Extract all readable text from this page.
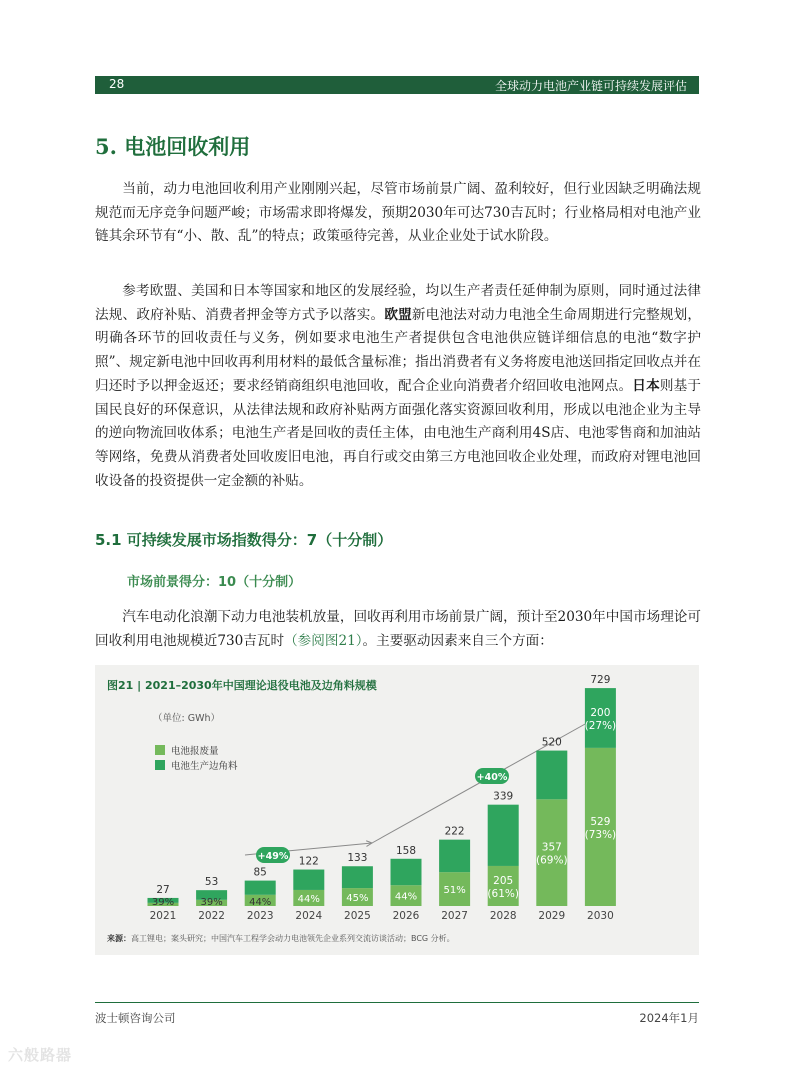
28	全球动力电池产业链可持续发展评估
5. 电池回收利用

当前，动力电池回收利用产业刚刚兴起，尽管市场前景广阔、盈利较好，但行业因缺乏明确法规规范而无序竞争问题严峻；市场需求即将爆发，预期2030年可达730吉瓦时；行业格局相对电池产业链其余环节有“小、散、乱”的特点；政策亟待完善，从业企业处于试水阶段。

参考欧盟、美国和日本等国家和地区的发展经验，均以生产者责任延伸制为原则，同时通过法律法规、政府补贴、消费者押金等方式予以落实。欧盟新电池法对动力电池全生命周期进行完整规划，明确各环节的回收责任与义务，例如要求电池生产者提供包含电池供应链详细信息的电池“数字护照”、规定新电池中回收再利用材料的最低含量标准；指出消费者有义务将废电池送回指定回收点并在归还时予以押金返还；要求经销商组织电池回收，配合企业向消费者介绍回收电池网点。日本则基于国民良好的环保意识，从法律法规和政府补贴两方面强化落实资源回收利用，形成以电池企业为主导的逆向物流回收体系；电池生产者是回收的责任主体，由电池生产商利用4S店、电池零售商和加油站等网络，免费从消费者处回收废旧电池，再自行或交由第三方电池回收企业处理，而政府对锂电池回收设备的投资提供一定金额的补贴。

5.1 可持续发展市场指数得分：7（十分制）
市场前景得分：10（十分制）

汽车电动化浪潮下动力电池装机放量，回收再利用市场前景广阔，预计至2030年中国市场理论可回收利用电池规模近730吉瓦时（参阅图21）。主要驱动因素来自三个方面：

图21 | 2021–2030年中国理论退役电池及边角料规模
（单位: GWh）
电池报废量
电池生产边角料
+49%
+40%
27
2021
39%
53
2022
39%
85
2023
44%
122
2024
44%
133
2025
45%
158
2026
44%
222
2027
51%
339
2028
205
(61%)
520
2029
357
(69%)
729
2030
529
(73%)
200
(27%)
来源：高工锂电；案头研究；中国汽车工程学会动力电池领先企业系列交流访谈活动；BCG 分析。
波士顿咨询公司	2024年1月
六般路器
